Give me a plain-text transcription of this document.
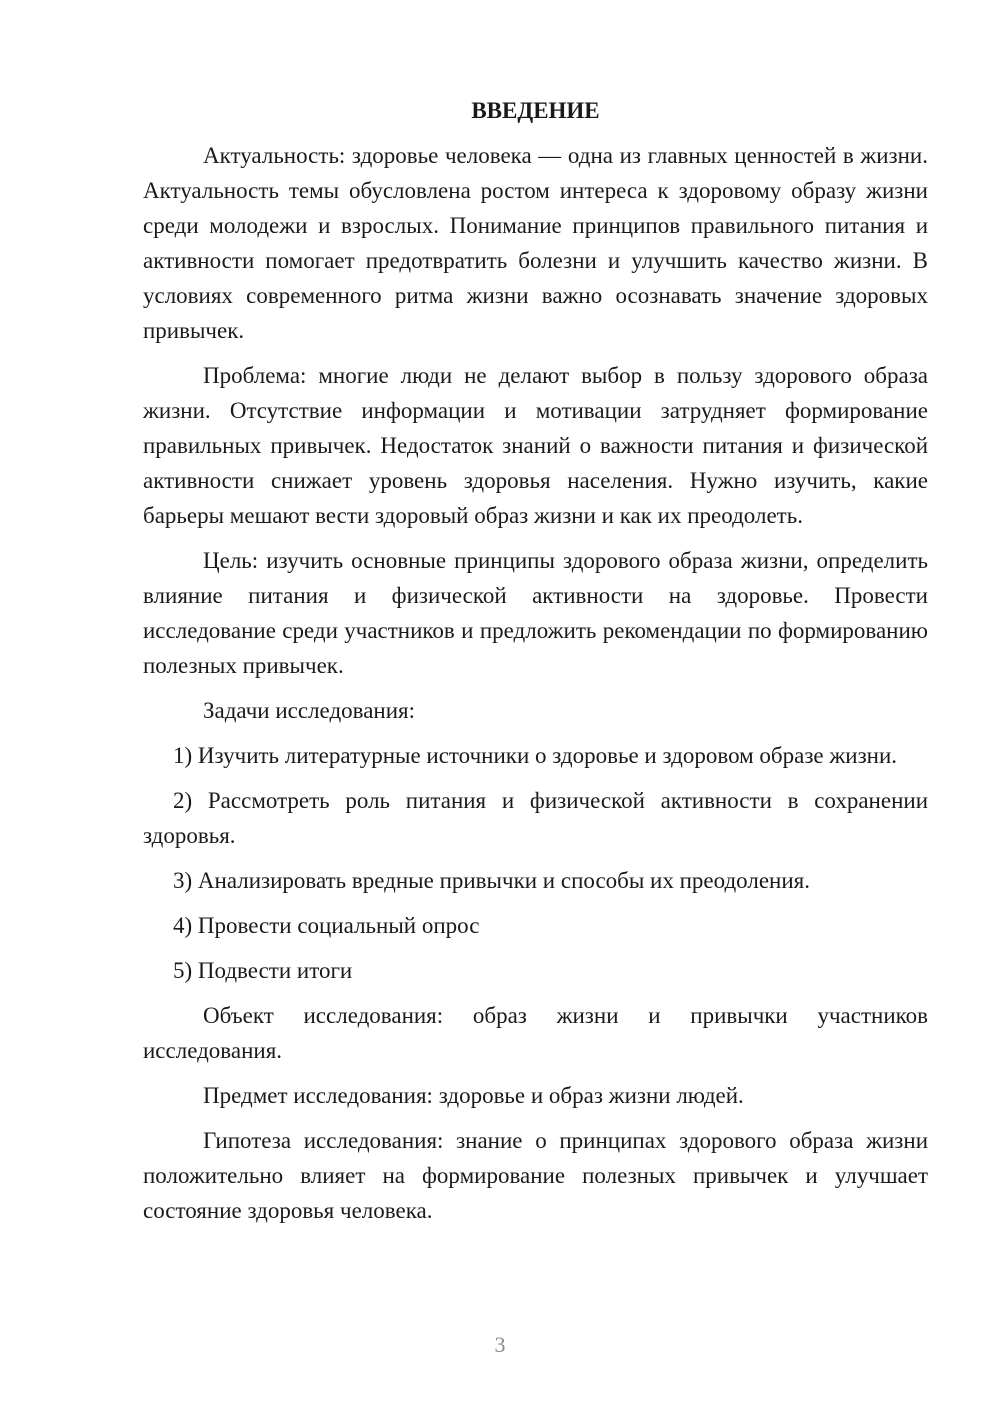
ВВЕДЕНИЕ

Актуальность: здоровье человека — одна из главных ценностей в жизни. Актуальность темы обусловлена ростом интереса к здоровому образу жизни среди молодежи и взрослых. Понимание принципов правильного питания и активности помогает предотвратить болезни и улучшить качество жизни. В условиях современного ритма жизни важно осознавать значение здоровых привычек.

Проблема: многие люди не делают выбор в пользу здорового образа жизни. Отсутствие информации и мотивации затрудняет формирование правильных привычек. Недостаток знаний о важности питания и физической активности снижает уровень здоровья населения. Нужно изучить, какие барьеры мешают вести здоровый образ жизни и как их преодолеть.

Цель: изучить основные принципы здорового образа жизни, определить влияние питания и физической активности на здоровье. Провести исследование среди участников и предложить рекомендации по формированию полезных привычек.

Задачи исследования:

1) Изучить литературные источники о здоровье и здоровом образе жизни.

2) Рассмотреть роль питания и физической активности в сохранении здоровья.

3) Анализировать вредные привычки и способы их преодоления.

4) Провести социальный опрос

5) Подвести итоги

Объект исследования: образ жизни и привычки участников исследования.

Предмет исследования: здоровье и образ жизни людей.

Гипотеза исследования: знание о принципах здорового образа жизни положительно влияет на формирование полезных привычек и улучшает состояние здоровья человека.

3
